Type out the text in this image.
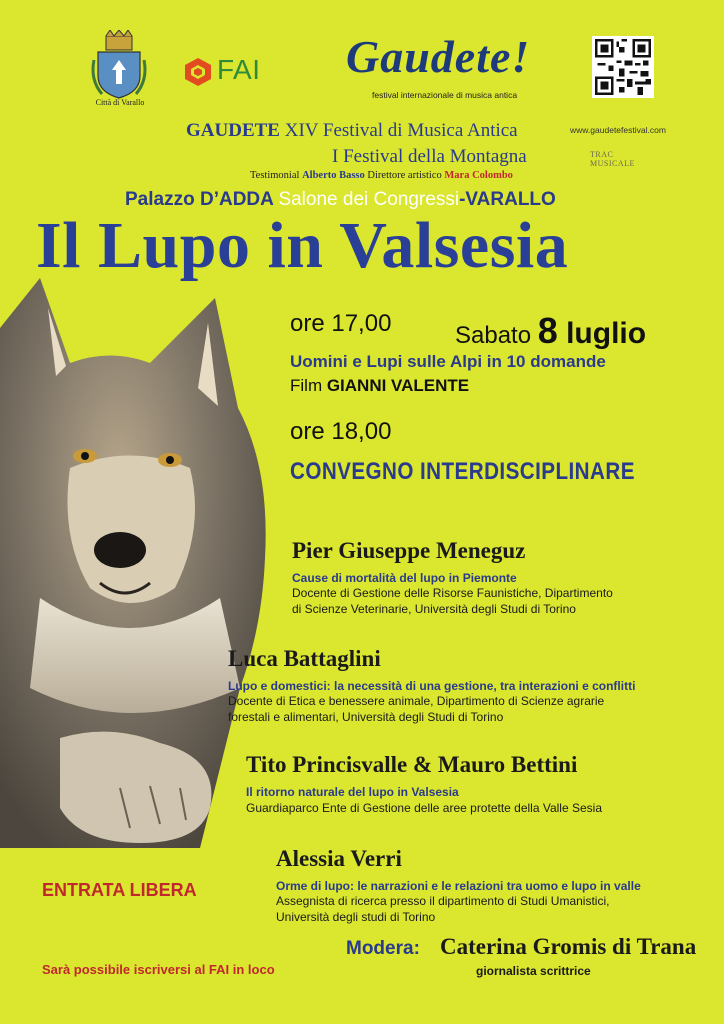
Città di Varallo
FAI Gaudete!
festival internazionale di musica antica
GAUDETE XIV Festival di Musica Antica
I Festival della Montagna
Testimonial Alberto Basso Direttore artistico Mara Colombo
www.gaudetefestival.com
TRAC MUSICALE
Palazzo D’ADDA Salone dei Congressi-VARALLO
Il Lupo in Valsesia
ore 17,00	Sabato 8 luglio
Uomini e Lupi sulle Alpi in 10 domande
Film GIANNI VALENTE
ore 18,00
CONVEGNO INTERDISCIPLINARE
Pier Giuseppe Meneguz
Cause di mortalità del lupo in Piemonte
Docente di Gestione delle Risorse Faunistiche, Dipartimento
di Scienze Veterinarie, Università degli Studi di Torino
Luca Battaglini
Lupo e domestici: la necessità di una gestione, tra interazioni e conflitti
Docente di Etica e benessere animale, Dipartimento di Scienze agrarie
forestali e alimentari, Università degli Studi di Torino
Tito Princisvalle & Mauro Bettini
Il ritorno naturale del lupo in Valsesia
Guardiaparco Ente di Gestione delle aree protette della Valle Sesia
Alessia Verri
Orme di lupo: le narrazioni e le relazioni tra uomo e lupo in valle
Assegnista di ricerca presso il dipartimento di Studi Umanistici,
Università degli studi di Torino
ENTRATA LIBERA
Modera: Caterina Gromis di Trana
giornalista scrittrice
Sarà possibile iscriversi al FAI in loco
